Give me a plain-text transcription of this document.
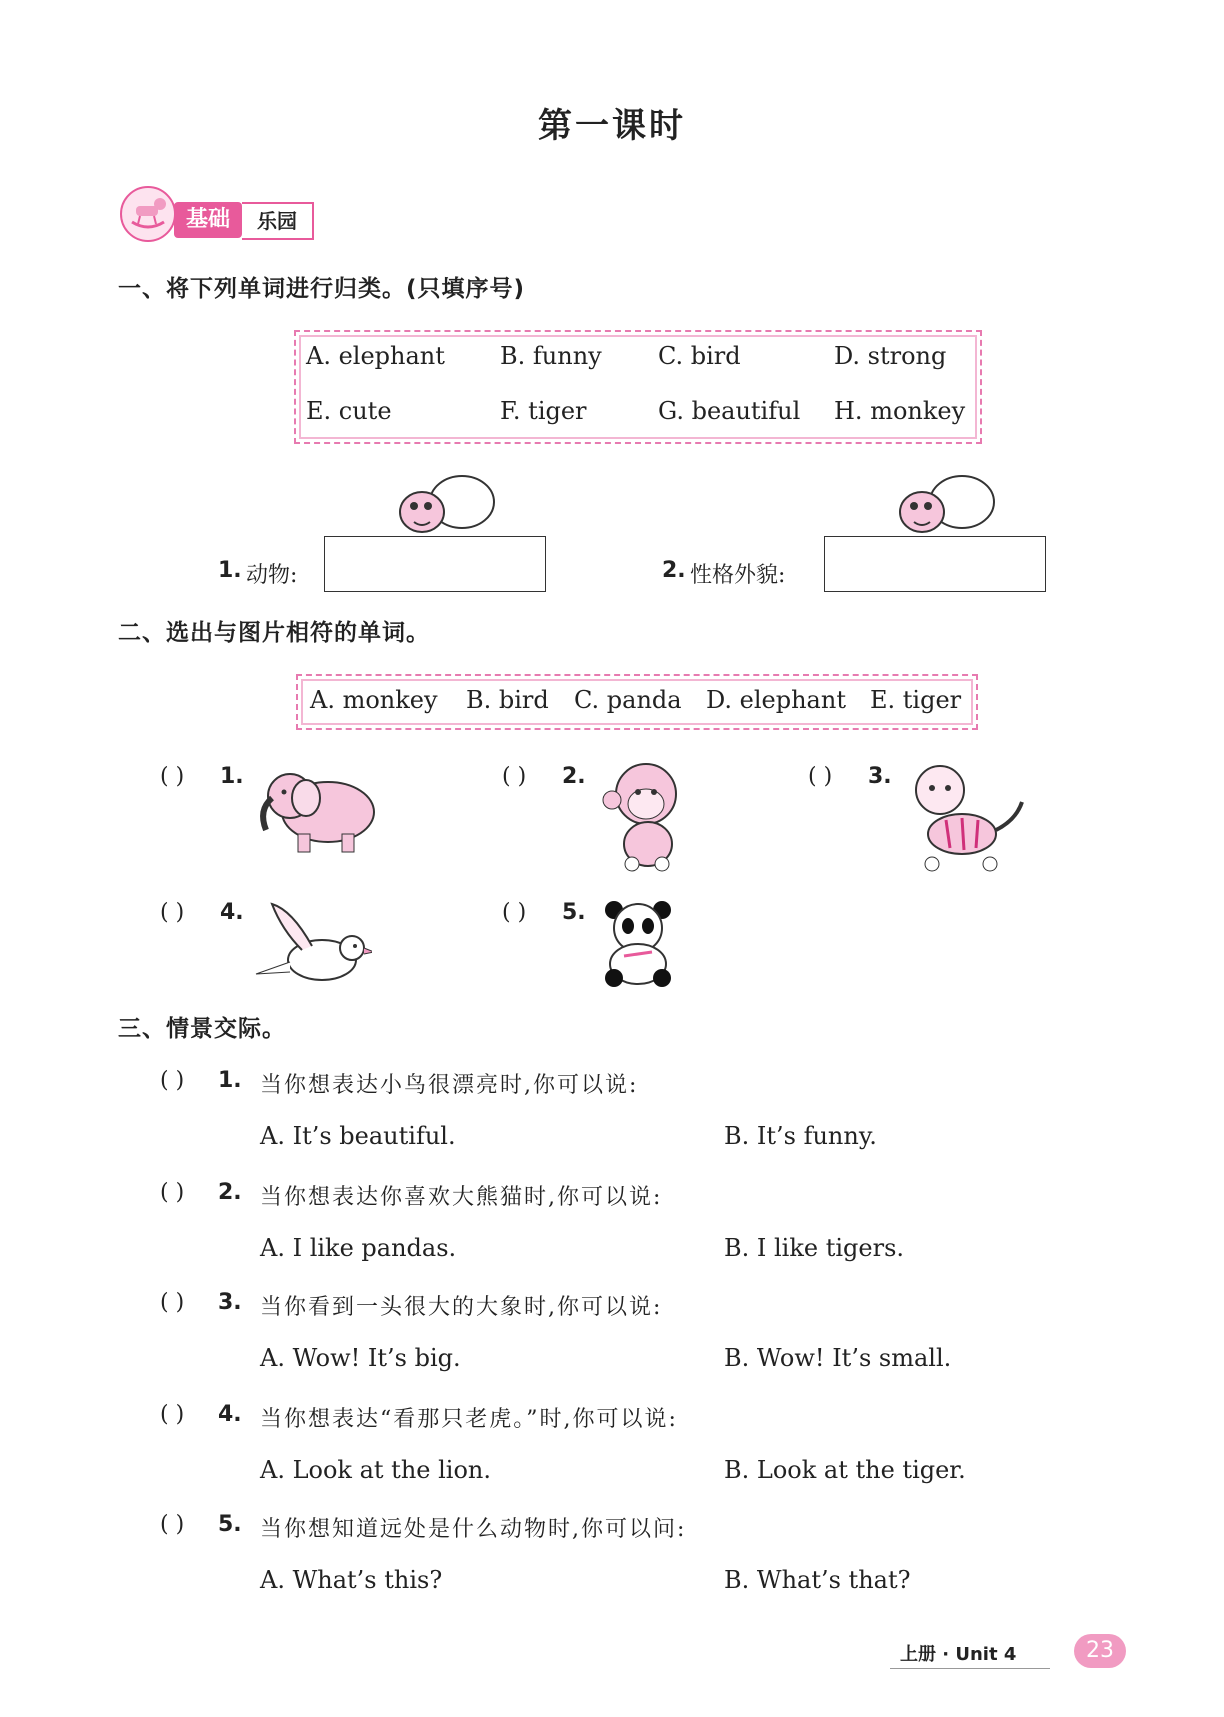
第一课时
基础	乐园
一、将下列单词进行归类。(只填序号)
A. elephant B. funny C. bird	D. strong
E. cute	F. tiger	G. beautiful H. monkey
1. 动物:	2. 性格外貌:
二、选出与图片相符的单词。
A. monkey B. bird C. panda D. elephant E. tiger
( ) 1.	( ) 2.	( ) 3.
( ) 4.	( ) 5.
三、情景交际。
( ) 1. 当你想表达小鸟很漂亮时,你可以说:
A. It’s beautiful.	B. It’s funny.
( ) 2. 当你想表达你喜欢大熊猫时,你可以说:
A. I like pandas.	B. I like tigers.
( ) 3. 当你看到一头很大的大象时,你可以说:
A. Wow! It’s big.	B. Wow! It’s small.
( ) 4. 当你想表达“看那只老虎。”时,你可以说:
A. Look at the lion.	B. Look at the tiger.
( ) 5. 当你想知道远处是什么动物时,你可以问:
A. What’s this?	B. What’s that?
上册 · Unit 4	23
